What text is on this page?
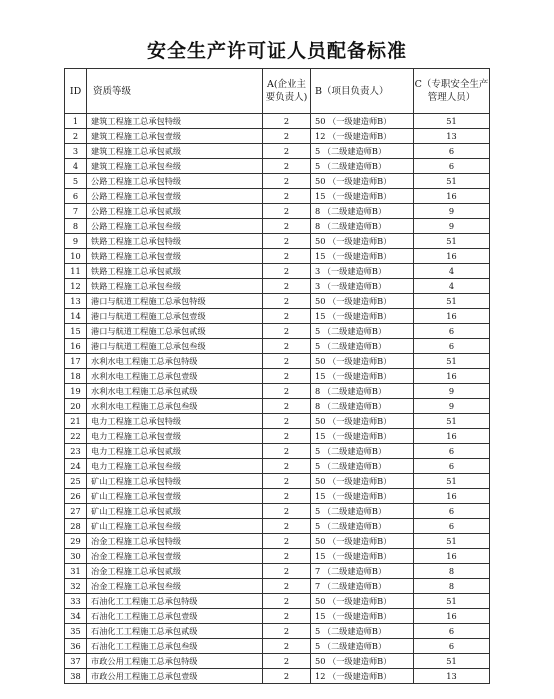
安全生产许可证人员配备标准
ID	资质等级	A(企业主要负责人)	B（项目负责人）	C（专职安全生产管理人员）
1	建筑工程施工总承包特级	2	50 （一级建造师B）	51
2	建筑工程施工总承包壹级	2	12 （一级建造师B）	13
3	建筑工程施工总承包贰级	2	5 （二级建造师B）	6
4	建筑工程施工总承包叁级	2	5 （二级建造师B）	6
5	公路工程施工总承包特级	2	50 （一级建造师B）	51
6	公路工程施工总承包壹级	2	15 （一级建造师B）	16
7	公路工程施工总承包贰级	2	8 （二级建造师B）	9
8	公路工程施工总承包叁级	2	8 （二级建造师B）	9
9	铁路工程施工总承包特级	2	50 （一级建造师B）	51
10	铁路工程施工总承包壹级	2	15 （一级建造师B）	16
11	铁路工程施工总承包贰级	2	3 （一级建造师B）	4
12	铁路工程施工总承包叁级	2	3 （一级建造师B）	4
13	港口与航道工程施工总承包特级	2	50 （一级建造师B）	51
14	港口与航道工程施工总承包壹级	2	15 （一级建造师B）	16
15	港口与航道工程施工总承包贰级	2	5 （二级建造师B）	6
16	港口与航道工程施工总承包叁级	2	5 （二级建造师B）	6
17	水利水电工程施工总承包特级	2	50 （一级建造师B）	51
18	水利水电工程施工总承包壹级	2	15 （一级建造师B）	16
19	水利水电工程施工总承包贰级	2	8 （二级建造师B）	9
20	水利水电工程施工总承包叁级	2	8 （二级建造师B）	9
21	电力工程施工总承包特级	2	50 （一级建造师B）	51
22	电力工程施工总承包壹级	2	15 （一级建造师B）	16
23	电力工程施工总承包贰级	2	5 （二级建造师B）	6
24	电力工程施工总承包叁级	2	5 （二级建造师B）	6
25	矿山工程施工总承包特级	2	50 （一级建造师B）	51
26	矿山工程施工总承包壹级	2	15 （一级建造师B）	16
27	矿山工程施工总承包贰级	2	5 （二级建造师B）	6
28	矿山工程施工总承包叁级	2	5 （二级建造师B）	6
29	冶金工程施工总承包特级	2	50 （一级建造师B）	51
30	冶金工程施工总承包壹级	2	15 （一级建造师B）	16
31	冶金工程施工总承包贰级	2	7 （二级建造师B）	8
32	冶金工程施工总承包叁级	2	7 （二级建造师B）	8
33	石油化工工程施工总承包特级	2	50 （一级建造师B）	51
34	石油化工工程施工总承包壹级	2	15 （一级建造师B）	16
35	石油化工工程施工总承包贰级	2	5 （二级建造师B）	6
36	石油化工工程施工总承包叁级	2	5 （二级建造师B）	6
37	市政公用工程施工总承包特级	2	50 （一级建造师B）	51
38	市政公用工程施工总承包壹级	2	12 （一级建造师B）	13
